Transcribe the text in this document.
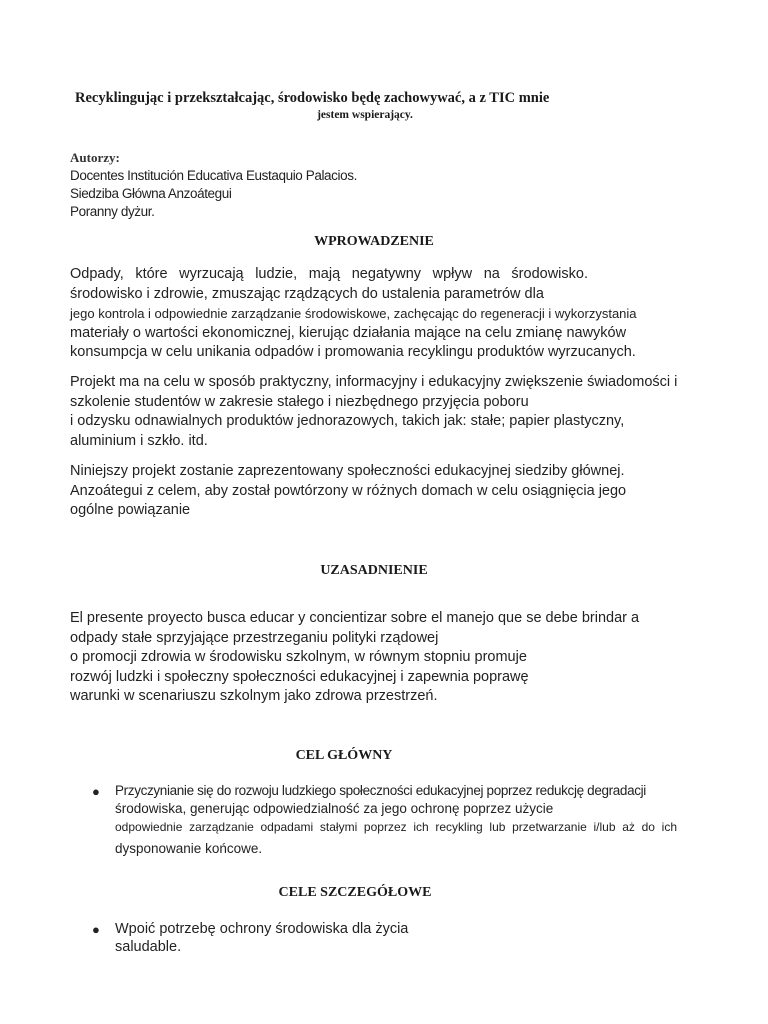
Recyklingując i przekształcając, środowisko będę zachowywać, a z TIC mnie
jestem wspierający.
Autorzy:
Docentes Institución Educativa Eustaquio Palacios.
Siedziba Główna Anzoátegui
Poranny dyżur.
WPROWADZENIE
Odpady, które wyrzucają ludzie, mają negatywny wpływ na środowisko.
środowisko i zdrowie, zmuszając rządzących do ustalenia parametrów dla
jego kontrola i odpowiednie zarządzanie środowiskowe, zachęcając do regeneracji i wykorzystania
materiały o wartości ekonomicznej, kierując działania mające na celu zmianę nawyków
konsumpcja w celu unikania odpadów i promowania recyklingu produktów wyrzucanych.
Projekt ma na celu w sposób praktyczny, informacyjny i edukacyjny zwiększenie świadomości i
szkolenie studentów w zakresie stałego i niezbędnego przyjęcia poboru
i odzysku odnawialnych produktów jednorazowych, takich jak: stałe; papier plastyczny,
aluminium i szkło. itd.
Niniejszy projekt zostanie zaprezentowany społeczności edukacyjnej siedziby głównej.
Anzoátegui z celem, aby został powtórzony w różnych domach w celu osiągnięcia jego
ogólne powiązanie
UZASADNIENIE
El presente proyecto busca educar y concientizar sobre el manejo que se debe brindar a
odpady stałe sprzyjające przestrzeganiu polityki rządowej
o promocji zdrowia w środowisku szkolnym, w równym stopniu promuje
rozwój ludzki i społeczny społeczności edukacyjnej i zapewnia poprawę
warunki w scenariuszu szkolnym jako zdrowa przestrzeń.
CEL GŁÓWNY
● Przyczynianie się do rozwoju ludzkiego społeczności edukacyjnej poprzez redukcję degradacji
środowiska, generując odpowiedzialność za jego ochronę poprzez użycie
odpowiednie zarządzanie odpadami stałymi poprzez ich recykling lub przetwarzanie i/lub aż do ich
dysponowanie końcowe.
CELE SZCZEGÓŁOWE
● Wpoić potrzebę ochrony środowiska dla życia
saludable.
